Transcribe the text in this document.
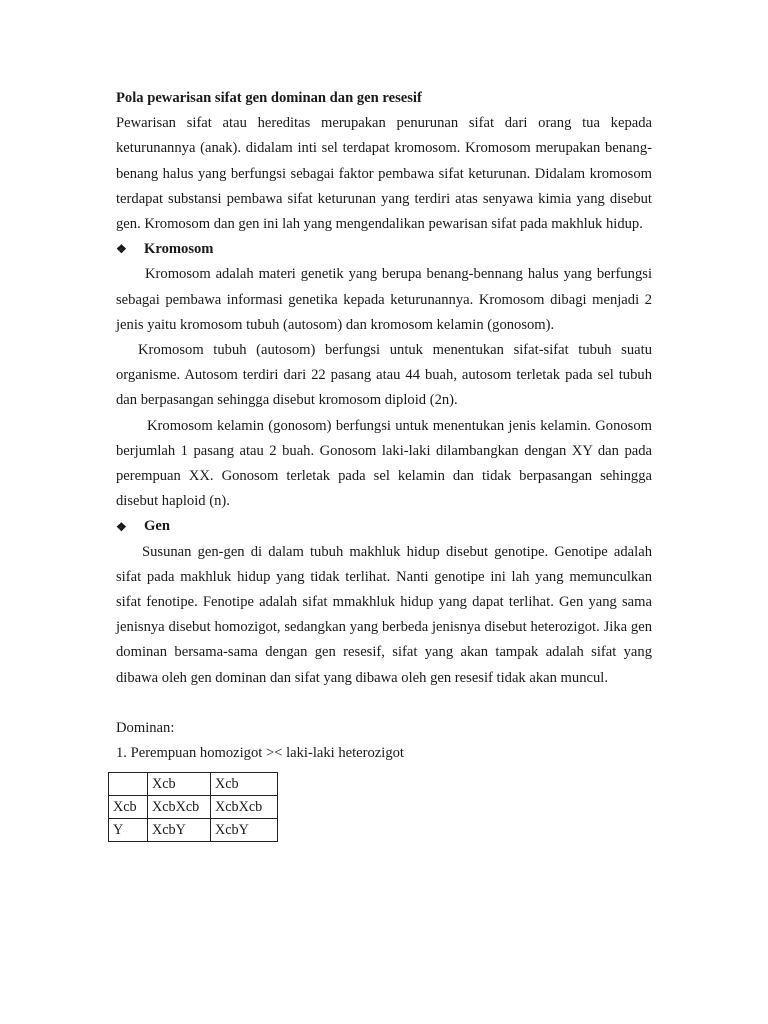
Pola pewarisan sifat gen dominan dan gen resesif

Pewarisan sifat atau hereditas merupakan penurunan sifat dari orang tua kepada keturunannya (anak). didalam inti sel terdapat kromosom. Kromosom merupakan benang-benang halus yang berfungsi sebagai faktor pembawa sifat keturunan. Didalam kromosom terdapat substansi pembawa sifat keturunan yang terdiri atas senyawa kimia yang disebut gen. Kromosom dan gen ini lah yang mengendalikan pewarisan sifat pada makhluk hidup.

❖	Kromosom

Kromosom adalah materi genetik yang berupa benang-bennang halus yang berfungsi sebagai pembawa informasi genetika kepada keturunannya. Kromosom dibagi menjadi 2 jenis yaitu kromosom tubuh (autosom) dan kromosom kelamin (gonosom).

Kromosom tubuh (autosom) berfungsi untuk menentukan sifat-sifat tubuh suatu organisme. Autosom terdiri dari 22 pasang atau 44 buah, autosom terletak pada sel tubuh dan berpasangan sehingga disebut kromosom diploid (2n).

Kromosom kelamin (gonosom) berfungsi untuk menentukan jenis kelamin. Gonosom berjumlah 1 pasang atau 2 buah. Gonosom laki-laki dilambangkan dengan XY dan pada perempuan XX. Gonosom terletak pada sel kelamin dan tidak berpasangan sehingga disebut haploid (n).

❖	Gen

Susunan gen-gen di dalam tubuh makhluk hidup disebut genotipe. Genotipe adalah sifat pada makhluk hidup yang tidak terlihat. Nanti genotipe ini lah yang memunculkan sifat fenotipe. Fenotipe adalah sifat mmakhluk hidup yang dapat terlihat. Gen yang sama jenisnya disebut homozigot, sedangkan yang berbeda jenisnya disebut heterozigot. Jika gen dominan bersama-sama dengan gen resesif, sifat yang akan tampak adalah sifat yang dibawa oleh gen dominan dan sifat yang dibawa oleh gen resesif tidak akan muncul.

Dominan:

1. Perempuan homozigot >< laki-laki heterozigot

	Xcb	Xcb
Xcb	XcbXcb	XcbXcb
Y	XcbY	XcbY
